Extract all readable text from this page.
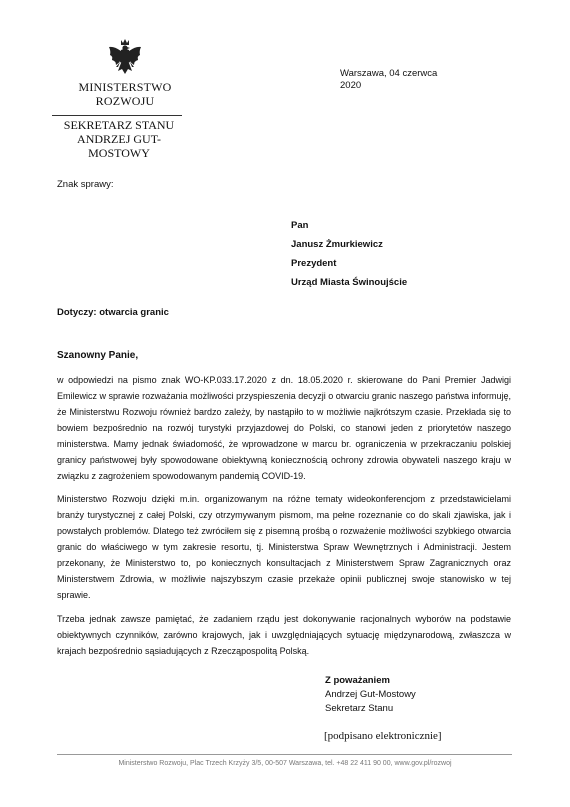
MINISTERSTWO
ROZWOJU
SEKRETARZ STANU
ANDRZEJ GUT-MOSTOWY
Warszawa, 04 czerwca
2020
Znak sprawy:
Pan
Janusz Żmurkiewicz
Prezydent
Urząd Miasta Świnoujście
Dotyczy: otwarcia granic
Szanowny Panie,
w odpowiedzi na pismo znak WO-KP.033.17.2020 z dn. 18.05.2020 r. skierowane do Pani Premier Jadwigi Emilewicz w sprawie rozważania możliwości przyspieszenia decyzji o otwarciu granic naszego państwa informuję, że Ministerstwu Rozwoju również bardzo zależy, by nastąpiło to w możliwie najkrótszym czasie. Przekłada się to bowiem bezpośrednio na rozwój turystyki przyjazdowej do Polski, co stanowi jeden z priorytetów naszego ministerstwa. Mamy jednak świadomość, że wprowadzone w marcu br. ograniczenia w przekraczaniu polskiej granicy państwowej były spowodowane obiektywną koniecznością ochrony zdrowia obywateli naszego kraju w związku z zagrożeniem spowodowanym pandemią COVID-19.
Ministerstwo Rozwoju dzięki m.in. organizowanym na różne tematy wideokonferencjom z przedstawicielami branży turystycznej z całej Polski, czy otrzymywanym pismom, ma pełne rozeznanie co do skali zjawiska, jak i powstałych problemów. Dlatego też zwróciłem się z pisemną prośbą o rozważenie możliwości szybkiego otwarcia granic do właściwego w tym zakresie resortu, tj. Ministerstwa Spraw Wewnętrznych i Administracji. Jestem przekonany, że Ministerstwo to, po koniecznych konsultacjach z Ministerstwem Spraw Zagranicznych oraz Ministerstwem Zdrowia, w możliwie najszybszym czasie przekaże opinii publicznej swoje stanowisko w tej sprawie.
Trzeba jednak zawsze pamiętać, że zadaniem rządu jest dokonywanie racjonalnych wyborów na podstawie obiektywnych czynników, zarówno krajowych, jak i uwzględniających sytuację międzynarodową, zwłaszcza w krajach bezpośrednio sąsiadujących z Rzecząpospolitą Polską.
Z poważaniem
Andrzej Gut-Mostowy
Sekretarz Stanu
[podpisano elektronicznie]
Ministerstwo Rozwoju, Plac Trzech Krzyży 3/5, 00-507 Warszawa, tel. +48 22 411 90 00, www.gov.pl/rozwoj
